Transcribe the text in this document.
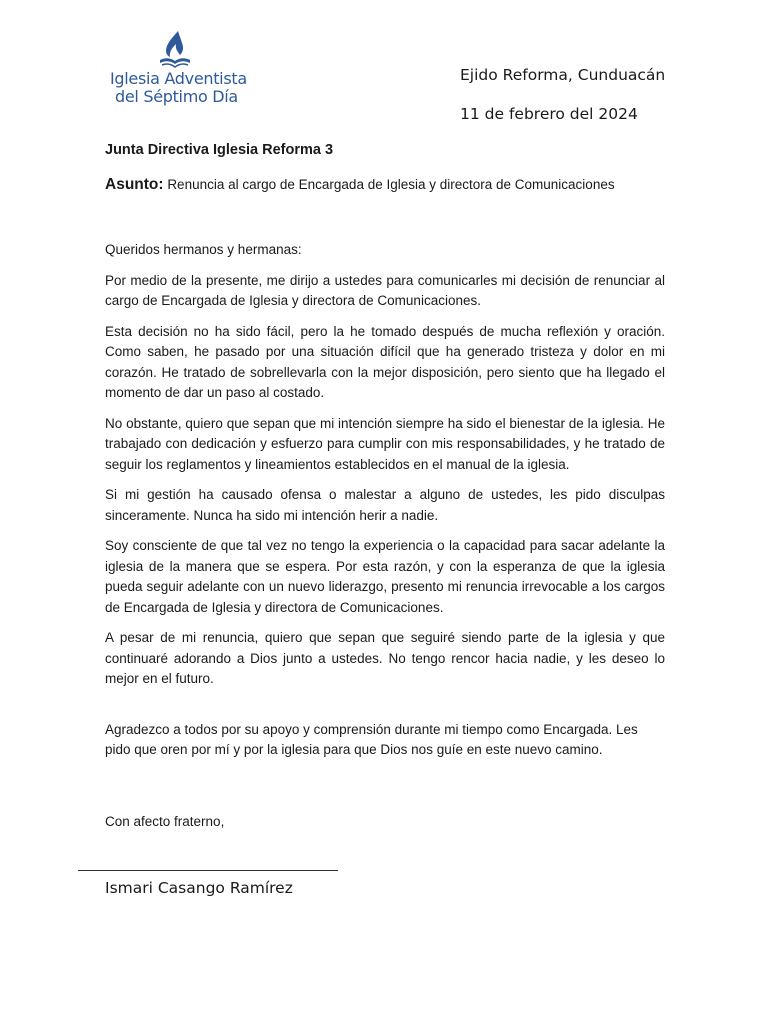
Iglesia Adventista
del Séptimo Día
Ejido Reforma, Cunduacán
11 de febrero del 2024
Junta Directiva Iglesia Reforma 3
Asunto: Renuncia al cargo de Encargada de Iglesia y directora de Comunicaciones

Queridos hermanos y hermanas:

Por medio de la presente, me dirijo a ustedes para comunicarles mi decisión de renunciar al cargo de Encargada de Iglesia y directora de Comunicaciones.

Esta decisión no ha sido fácil, pero la he tomado después de mucha reflexión y oración. Como saben, he pasado por una situación difícil que ha generado tristeza y dolor en mi corazón. He tratado de sobrellevarla con la mejor disposición, pero siento que ha llegado el momento de dar un paso al costado.

No obstante, quiero que sepan que mi intención siempre ha sido el bienestar de la iglesia. He trabajado con dedicación y esfuerzo para cumplir con mis responsabilidades, y he tratado de seguir los reglamentos y lineamientos establecidos en el manual de la iglesia.

Si mi gestión ha causado ofensa o malestar a alguno de ustedes, les pido disculpas sinceramente. Nunca ha sido mi intención herir a nadie.

Soy consciente de que tal vez no tengo la experiencia o la capacidad para sacar adelante la iglesia de la manera que se espera. Por esta razón, y con la esperanza de que la iglesia pueda seguir adelante con un nuevo liderazgo, presento mi renuncia irrevocable a los cargos de Encargada de Iglesia y directora de Comunicaciones.

A pesar de mi renuncia, quiero que sepan que seguiré siendo parte de la iglesia y que continuaré adorando a Dios junto a ustedes. No tengo rencor hacia nadie, y les deseo lo mejor en el futuro.

Agradezco a todos por su apoyo y comprensión durante mi tiempo como Encargada. Les pido que oren por mí y por la iglesia para que Dios nos guíe en este nuevo camino.

Con afecto fraterno,
Ismari Casango Ramírez
